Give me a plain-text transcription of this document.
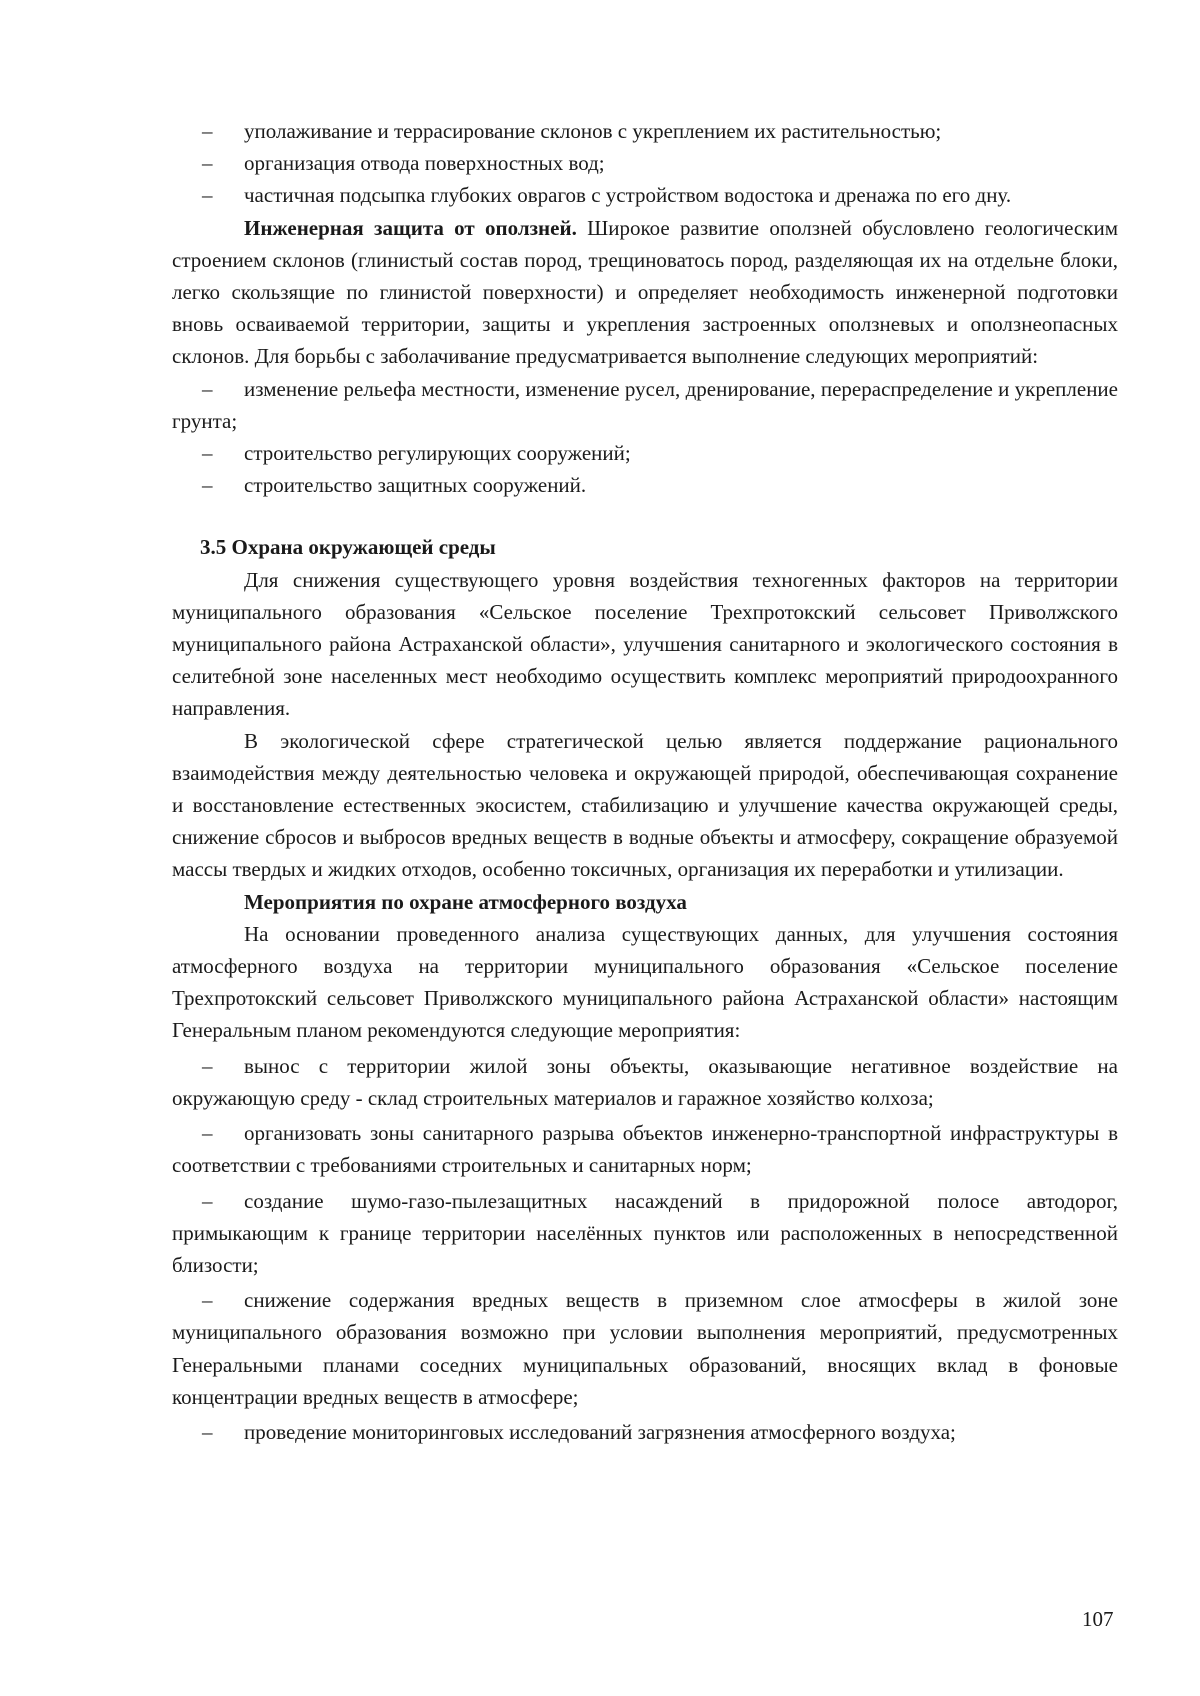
– уполаживание и террасирование склонов с укреплением их растительностью;

– организация отвода поверхностных вод;

– частичная подсыпка глубоких оврагов с устройством водостока и дренажа по его дну.

Инженерная защита от оползней. Широкое развитие оползней обусловлено геологическим строением склонов (глинистый состав пород, трещиноватось пород, разделяющая их на отдельне блоки, легко скользящие по глинистой поверхности) и определяет необходимость инженерной подготовки вновь осваиваемой территории, защиты и укрепления застроенных оползневых и оползнеопасных склонов. Для борьбы с заболачивание предусматривается выполнение следующих мероприятий:

– изменение рельефа местности, изменение русел, дренирование, перераспределение и укрепление грунта;

– строительство регулирующих сооружений;

– строительство защитных сооружений.

3.5 Охрана окружающей среды

Для снижения существующего уровня воздействия техногенных факторов на территории муниципального образования «Сельское поселение Трехпротокский сельсовет Приволжского муниципального района Астраханской области», улучшения санитарного и экологического состояния в селитебной зоне населенных мест необходимо осуществить комплекс мероприятий природоохранного направления.

В экологической сфере стратегической целью является поддержание рационального взаимодействия между деятельностью человека и окружающей природой, обеспечивающая сохранение и восстановление естественных экосистем, стабилизацию и улучшение качества окружающей среды, снижение сбросов и выбросов вредных веществ в водные объекты и атмосферу, сокращение образуемой массы твердых и жидких отходов, особенно токсичных, организация их переработки и утилизации.

Мероприятия по охране атмосферного воздуха

На основании проведенного анализа существующих данных, для улучшения состояния атмосферного воздуха на территории муниципального образования «Сельское поселение Трехпротокский сельсовет Приволжского муниципального района Астраханской области» настоящим Генеральным планом рекомендуются следующие мероприятия:

– вынос с территории жилой зоны объекты, оказывающие негативное воздействие на окружающую среду - склад строительных материалов и гаражное хозяйство колхоза;

– организовать зоны санитарного разрыва объектов инженерно-транспортной инфраструктуры в соответствии с требованиями строительных и санитарных норм;

– создание шумо-газо-пылезащитных насаждений в придорожной полосе автодорог, примыкающим к границе территории населённых пунктов или расположенных в непосредственной близости;

– снижение содержания вредных веществ в приземном слое атмосферы в жилой зоне муниципального образования возможно при условии выполнения мероприятий, предусмотренных Генеральными планами соседних муниципальных образований, вносящих вклад в фоновые концентрации вредных веществ в атмосфере;

– проведение мониторинговых исследований загрязнения атмосферного воздуха;

107
